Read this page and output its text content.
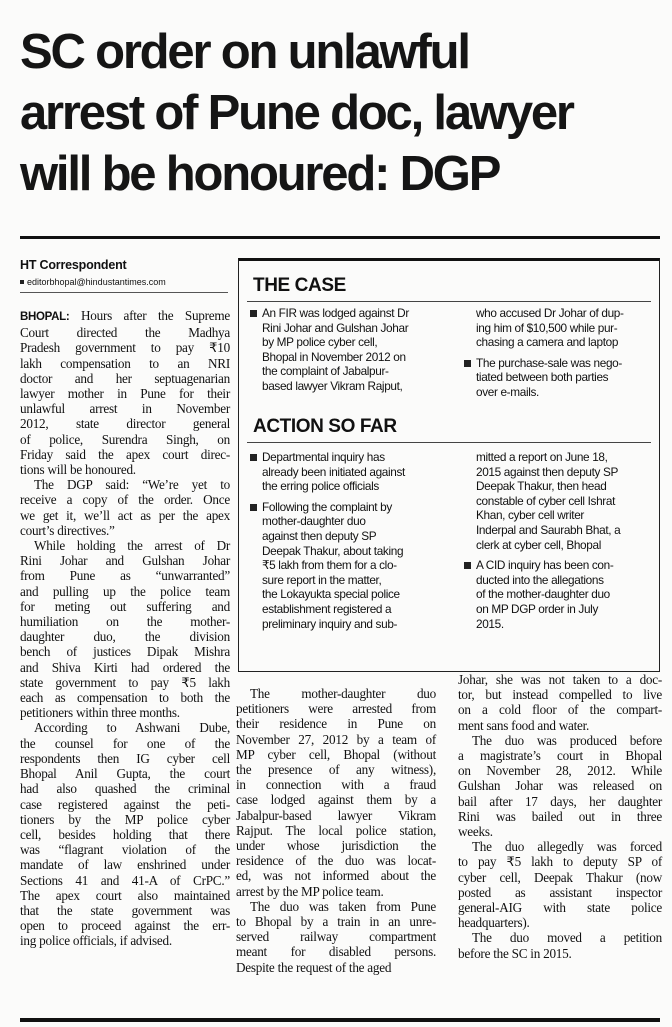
SC order on unlawful
arrest of Pune doc, lawyer
will be honoured: DGP
HT Correspondent
editorbhopal@hindustantimes.com
BHOPAL: Hours after the Supreme
Court directed the Madhya
Pradesh government to pay ₹10
lakh compensation to an NRI
doctor and her septuagenarian
lawyer mother in Pune for their
unlawful arrest in November
2012, state director general
of police, Surendra Singh, on
Friday said the apex court direc-
tions will be honoured.
The DGP said: “We’re yet to
receive a copy of the order. Once
we get it, we’ll act as per the apex
court’s directives.”
While holding the arrest of Dr
Rini Johar and Gulshan Johar
from Pune as “unwarranted”
and pulling up the police team
for meting out suffering and
humiliation on the mother-
daughter duo, the division
bench of justices Dipak Mishra
and Shiva Kirti had ordered the
state government to pay ₹5 lakh
each as compensation to both the
petitioners within three months.
According to Ashwani Dube,
the counsel for one of the
respondents then IG cyber cell
Bhopal Anil Gupta, the court
had also quashed the criminal
case registered against the peti-
tioners by the MP police cyber
cell, besides holding that there
was “flagrant violation of the
mandate of law enshrined under
Sections 41 and 41-A of CrPC.”
The apex court also maintained
that the state government was
open to proceed against the err-
ing police officials, if advised.
The mother-daughter duo
petitioners were arrested from
their residence in Pune on
November 27, 2012 by a team of
MP cyber cell, Bhopal (without
the presence of any witness),
in connection with a fraud
case lodged against them by a
Jabalpur-based lawyer Vikram
Rajput. The local police station,
under whose jurisdiction the
residence of the duo was locat-
ed, was not informed about the
arrest by the MP police team.
The duo was taken from Pune
to Bhopal by a train in an unre-
served railway compartment
meant for disabled persons.
Despite the request of the aged
Johar, she was not taken to a doc-
tor, but instead compelled to live
on a cold floor of the compart-
ment sans food and water.
The duo was produced before
a magistrate’s court in Bhopal
on November 28, 2012. While
Gulshan Johar was released on
bail after 17 days, her daughter
Rini was bailed out in three
weeks.
The duo allegedly was forced
to pay ₹5 lakh to deputy SP of
cyber cell, Deepak Thakur (now
posted as assistant inspector
general-AIG with state police
headquarters).
The duo moved a petition
before the SC in 2015.
THE CASE
An FIR was lodged against Dr
Rini Johar and Gulshan Johar
by MP police cyber cell,
Bhopal in November 2012 on
the complaint of Jabalpur-
based lawyer Vikram Rajput,
who accused Dr Johar of dup-
ing him of $10,500 while pur-
chasing a camera and laptop
The purchase-sale was nego-
tiated between both parties
over e-mails.
ACTION SO FAR
Departmental inquiry has
already been initiated against
the erring police officials
Following the complaint by
mother-daughter duo
against then deputy SP
Deepak Thakur, about taking
₹5 lakh from them for a clo-
sure report in the matter,
the Lokayukta special police
establishment registered a
preliminary inquiry and sub-
mitted a report on June 18,
2015 against then deputy SP
Deepak Thakur, then head
constable of cyber cell Ishrat
Khan, cyber cell writer
Inderpal and Saurabh Bhat, a
clerk at cyber cell, Bhopal
A CID inquiry has been con-
ducted into the allegations
of the mother-daughter duo
on MP DGP order in July
2015.
